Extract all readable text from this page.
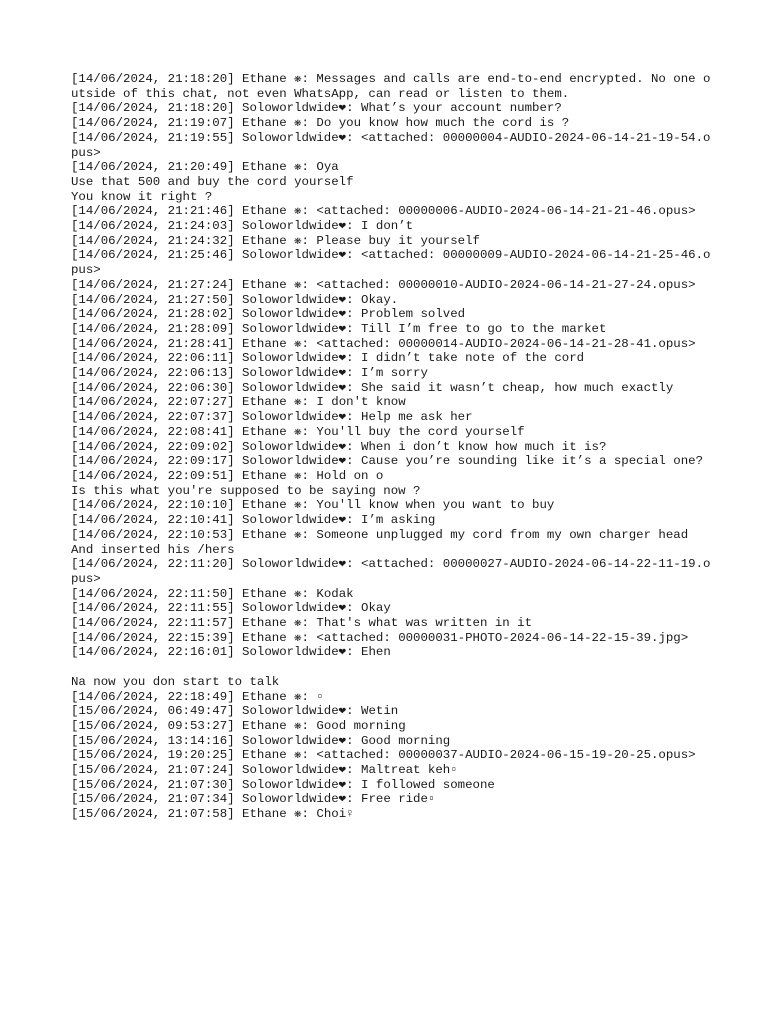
[14/06/2024, 21:18:20] Ethane ❋: Messages and calls are end-to-end encrypted. No one outside of this chat, not even WhatsApp, can read or listen to them.
[14/06/2024, 21:18:20] Soloworldwide❤: What’s your account number?
[14/06/2024, 21:19:07] Ethane ❋: Do you know how much the cord is ?
[14/06/2024, 21:19:55] Soloworldwide❤: <attached: 00000004-AUDIO-2024-06-14-21-19-54.opus>
[14/06/2024, 21:20:49] Ethane ❋: Oya
Use that 500 and buy the cord yourself
You know it right ?
[14/06/2024, 21:21:46] Ethane ❋: <attached: 00000006-AUDIO-2024-06-14-21-21-46.opus>
[14/06/2024, 21:24:03] Soloworldwide❤: I don’t
[14/06/2024, 21:24:32] Ethane ❋: Please buy it yourself
[14/06/2024, 21:25:46] Soloworldwide❤: <attached: 00000009-AUDIO-2024-06-14-21-25-46.opus>
[14/06/2024, 21:27:24] Ethane ❋: <attached: 00000010-AUDIO-2024-06-14-21-27-24.opus>
[14/06/2024, 21:27:50] Soloworldwide❤: Okay.
[14/06/2024, 21:28:02] Soloworldwide❤: Problem solved
[14/06/2024, 21:28:09] Soloworldwide❤: Till I’m free to go to the market
[14/06/2024, 21:28:41] Ethane ❋: <attached: 00000014-AUDIO-2024-06-14-21-28-41.opus>
[14/06/2024, 22:06:11] Soloworldwide❤: I didn’t take note of the cord
[14/06/2024, 22:06:13] Soloworldwide❤: I’m sorry
[14/06/2024, 22:06:30] Soloworldwide❤: She said it wasn’t cheap, how much exactly
[14/06/2024, 22:07:27] Ethane ❋: I don't know
[14/06/2024, 22:07:37] Soloworldwide❤: Help me ask her
[14/06/2024, 22:08:41] Ethane ❋: You'll buy the cord yourself
[14/06/2024, 22:09:02] Soloworldwide❤: When i don’t know how much it is?
[14/06/2024, 22:09:17] Soloworldwide❤: Cause you’re sounding like it’s a special one?
[14/06/2024, 22:09:51] Ethane ❋: Hold on o
Is this what you're supposed to be saying now ?
[14/06/2024, 22:10:10] Ethane ❋: You'll know when you want to buy
[14/06/2024, 22:10:41] Soloworldwide❤: I’m asking
[14/06/2024, 22:10:53] Ethane ❋: Someone unplugged my cord from my own charger head
And inserted his /hers
[14/06/2024, 22:11:20] Soloworldwide❤: <attached: 00000027-AUDIO-2024-06-14-22-11-19.opus>
[14/06/2024, 22:11:50] Ethane ❋: Kodak
[14/06/2024, 22:11:55] Soloworldwide❤: Okay
[14/06/2024, 22:11:57] Ethane ❋: That's what was written in it
[14/06/2024, 22:15:39] Ethane ❋: <attached: 00000031-PHOTO-2024-06-14-22-15-39.jpg>
[14/06/2024, 22:16:01] Soloworldwide❤: Ehen
Na now you don start to talk
[14/06/2024, 22:18:49] Ethane ❋: ▫
[15/06/2024, 06:49:47] Soloworldwide❤: Wetin
[15/06/2024, 09:53:27] Ethane ❋: Good morning
[15/06/2024, 13:14:16] Soloworldwide❤: Good morning
[15/06/2024, 19:20:25] Ethane ❋: <attached: 00000037-AUDIO-2024-06-15-19-20-25.opus>
[15/06/2024, 21:07:24] Soloworldwide❤: Maltreat keh▫
[15/06/2024, 21:07:30] Soloworldwide❤: I followed someone
[15/06/2024, 21:07:34] Soloworldwide❤: Free ride▫
[15/06/2024, 21:07:58] Ethane ❋: Choi♀
